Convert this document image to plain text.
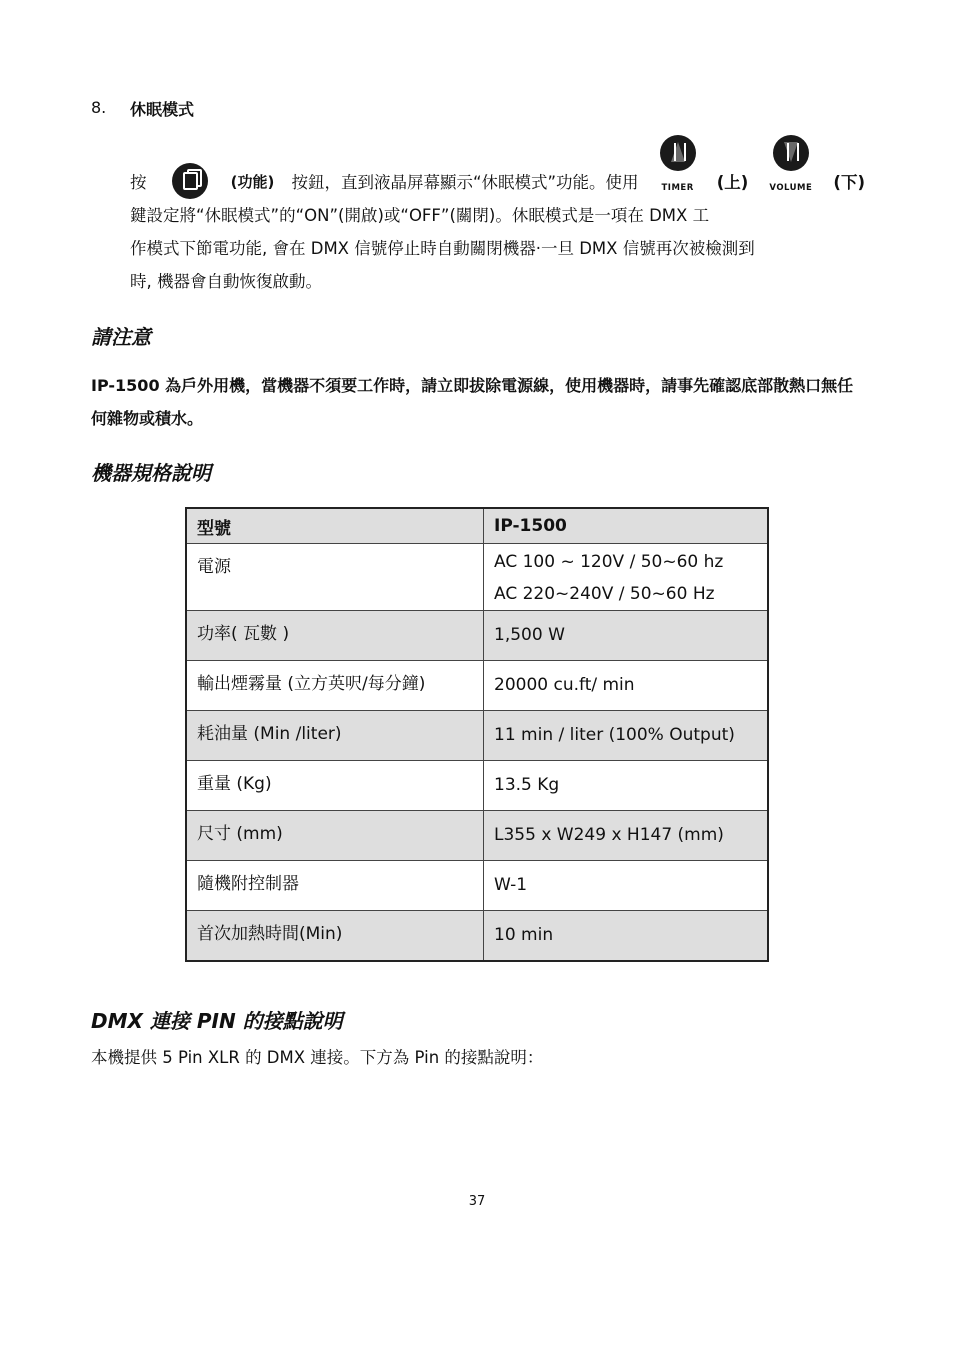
8. 休眠模式
按	(功能) 按鈕，直到液晶屏幕顯示“休眠模式”功能。使用	TIMER (上) VOLUME (下)
鍵設定將“休眠模式”的“ON”(開啟)或“OFF”(關閉)。休眠模式是一項在 DMX 工
作模式下節電功能, 會在 DMX 信號停止時自動關閉機器·一旦 DMX 信號再次被檢測到
時, 機器會自動恢復啟動。
請注意
IP-1500 為戶外用機，當機器不須要工作時，請立即拔除電源線，使用機器時，請事先確認底部散熱口無任何雜物或積水。
機器規格說明
型號	IP-1500

電源	AC 100 ~ 120V / 50~60 hz
AC 220~240V / 50~60 Hz

功率( 瓦數 )	1,500 W

輸出煙霧量 (立方英呎/每分鐘)	20000 cu.ft/ min

耗油量 (Min /liter)	11 min / liter (100% Output)

重量 (Kg)	13.5 Kg

尺寸 (mm)	L355 x W249 x H147 (mm)

隨機附控制器	W-1

首次加熱時間(Min)	10 min
DMX 連接 PIN 的接點說明
本機提供 5 Pin XLR 的 DMX 連接。下方為 Pin 的接點說明：
37
